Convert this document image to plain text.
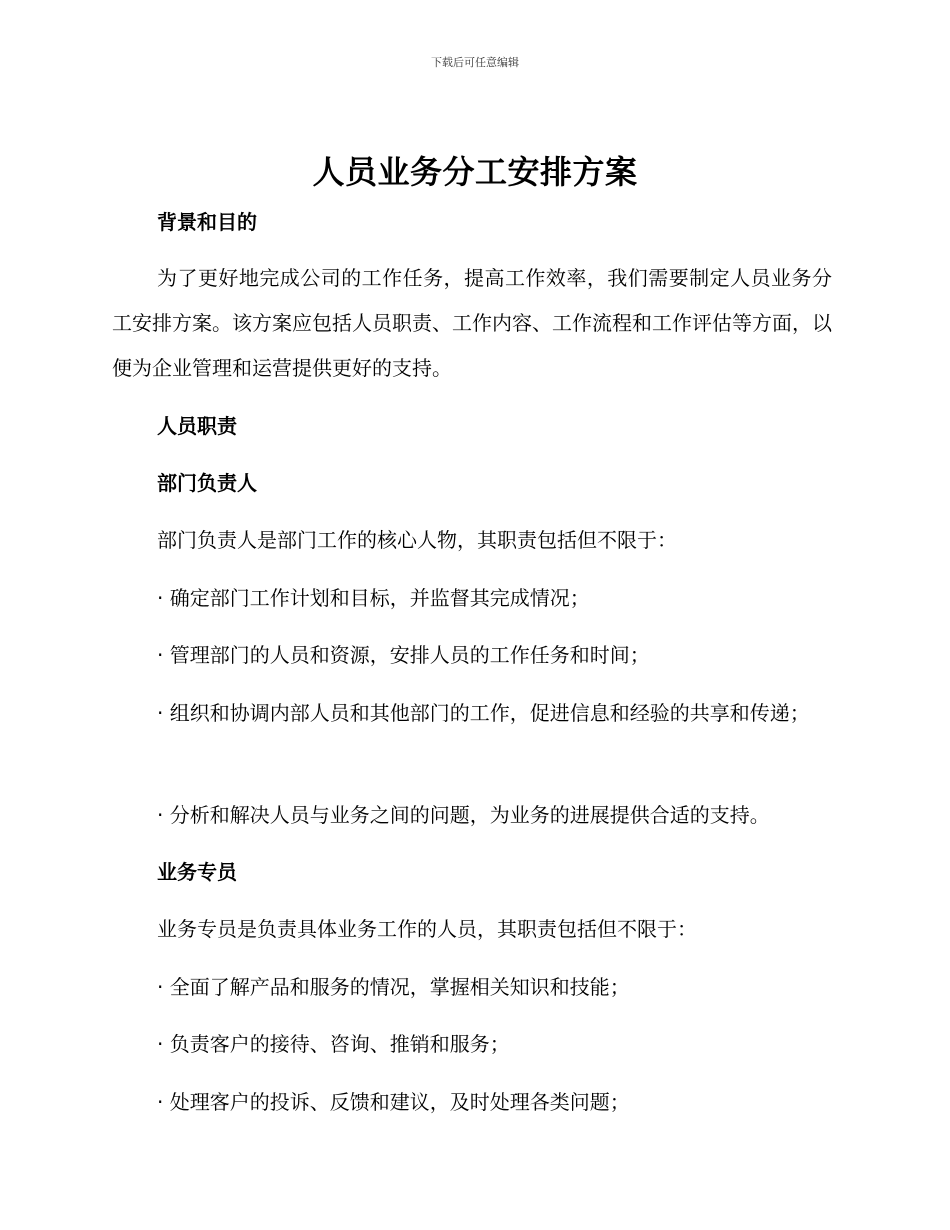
下载后可任意编辑
人员业务分工安排方案
背景和目的
为了更好地完成公司的工作任务，提高工作效率，我们需要制定人员业务分工安排方案。该方案应包括人员职责、工作内容、工作流程和工作评估等方面，以便为企业管理和运营提供更好的支持。
人员职责
部门负责人
部门负责人是部门工作的核心人物，其职责包括但不限于：
· 确定部门工作计划和目标，并监督其完成情况；
· 管理部门的人员和资源，安排人员的工作任务和时间；
· 组织和协调内部人员和其他部门的工作，促进信息和经验的共享和传递；
· 分析和解决人员与业务之间的问题，为业务的进展提供合适的支持。
业务专员
业务专员是负责具体业务工作的人员，其职责包括但不限于：
· 全面了解产品和服务的情况，掌握相关知识和技能；
· 负责客户的接待、咨询、推销和服务；
· 处理客户的投诉、反馈和建议，及时处理各类问题；
